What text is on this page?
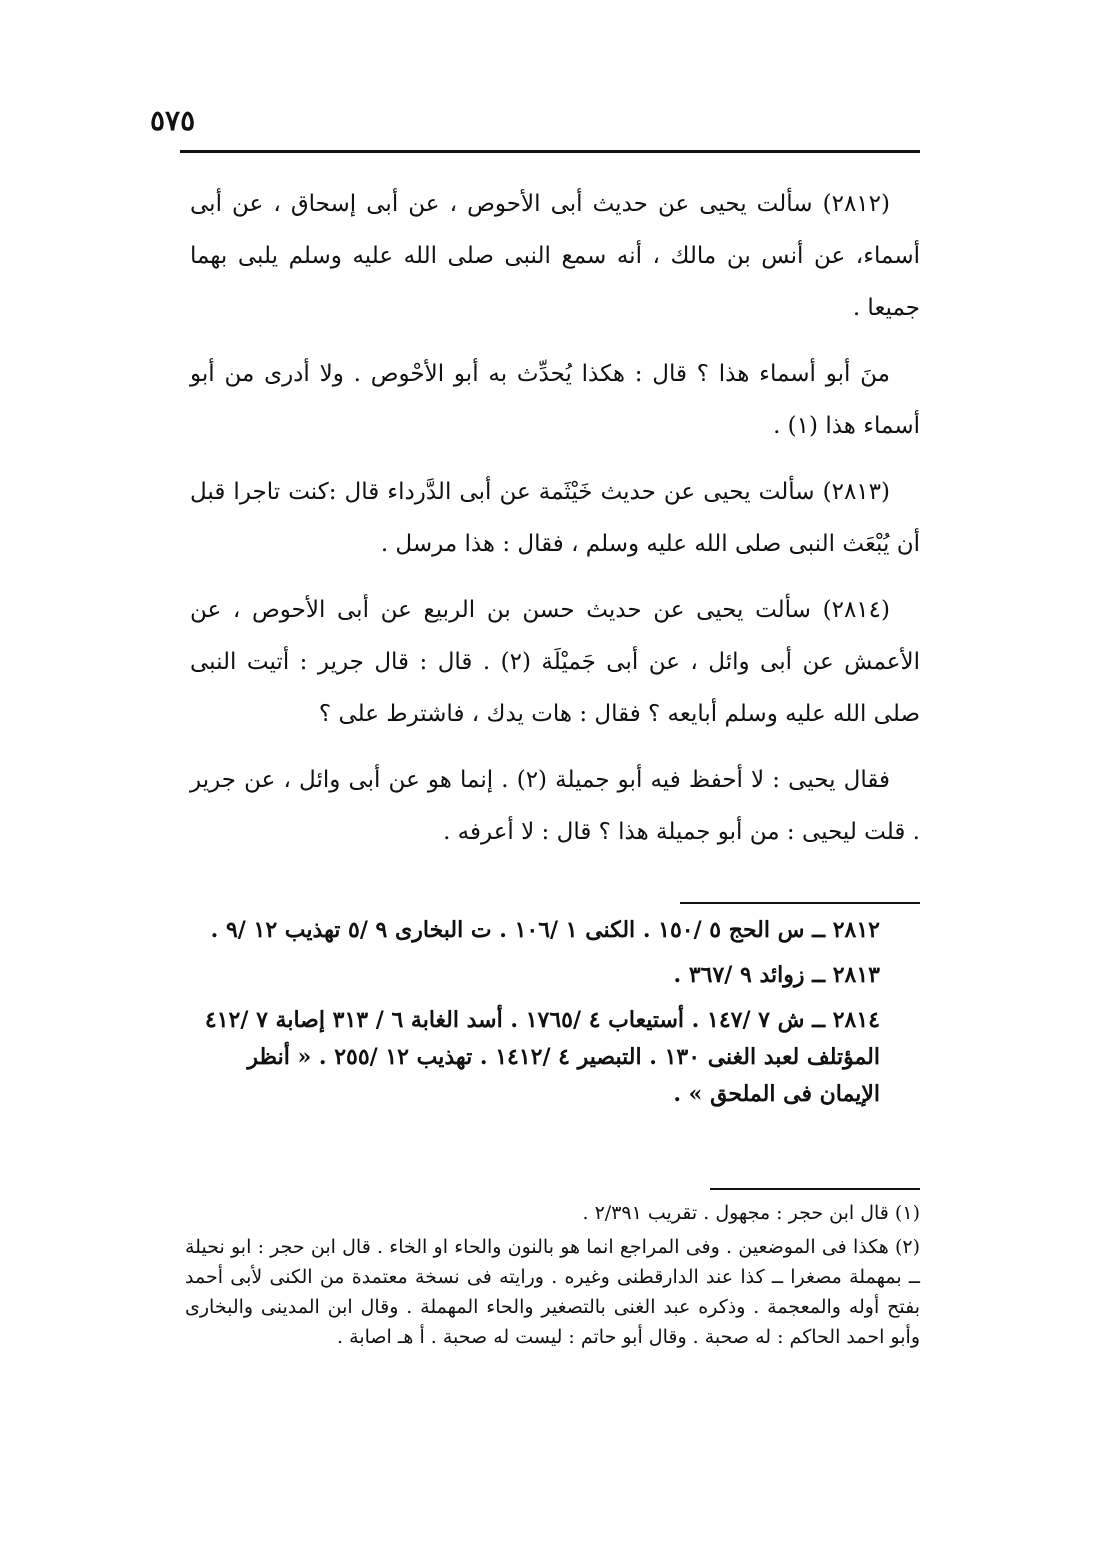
٥٧٥

(٢٨١٢) سألت يحيى عن حديث أبى الأحوص ، عن أبى إسحاق ، عن أبى أسماء، عن أنس بن مالك ، أنه سمع النبى صلى الله عليه وسلم يلبى بهما جميعا .

منَ أبو أسماء هذا ؟ قال : هكذا يُحدِّث به أبو الأحْوص . ولا أدرى من أبو أسماء هذا (١) .

(٢٨١٣) سألت يحيى عن حديث خَيْثَمة عن أبى الدَّرداء قال :كنت تاجرا قبل أن يُبْعَث النبى صلى الله عليه وسلم ، فقال : هذا مرسل .

(٢٨١٤) سألت يحيى عن حديث حسن بن الربيع عن أبى الأحوص ، عن الأعمش عن أبى وائل ، عن أبى جَميْلَة (٢) . قال : قال جرير : أتيت النبى صلى الله عليه وسلم أبايعه ؟ فقال : هات يدك ، فاشترط على ؟

فقال يحيى : لا أحفظ فيه أبو جميلة (٢) . إنما هو عن أبى وائل ، عن جرير . قلت ليحيى : من أبو جميلة هذا ؟ قال : لا أعرفه .

٢٨١٢ ــ س الحج ٥ /١٥٠ . الكنى ١ /١٠٦ . ت البخارى ٩ /٥ تهذيب ١٢ /٩ .

٢٨١٣ ــ زوائد ٩ /٣٦٧ .

٢٨١٤ ــ ش ٧ /١٤٧ . أستيعاب ٤ /١٧٦٥ . أسد الغابة ٦ / ٣١٣ إصابة ٧ /٤١٢ المؤتلف لعبد الغنى ١٣٠ . التبصير ٤ /١٤١٢ . تهذيب ١٢ /٢٥٥ . « أنظر الإيمان فى الملحق » .

(١) قال ابن حجر : مجهول . تقريب ٢/٣٩١ .

(٢) هكذا فى الموضعين . وفى المراجع انما هو بالنون والحاء او الخاء . قال ابن حجر : ابو نحيلة ــ بمهملة مصغرا ــ كذا عند الدارقطنى وغيره . ورايته فى نسخة معتمدة من الكنى لأبى أحمد بفتح أوله والمعجمة . وذكره عبد الغنى بالتصغير والحاء المهملة . وقال ابن المدينى والبخارى وأبو احمد الحاكم : له صحبة . وقال أبو حاتم : ليست له صحبة . أ هـ اصابة .
